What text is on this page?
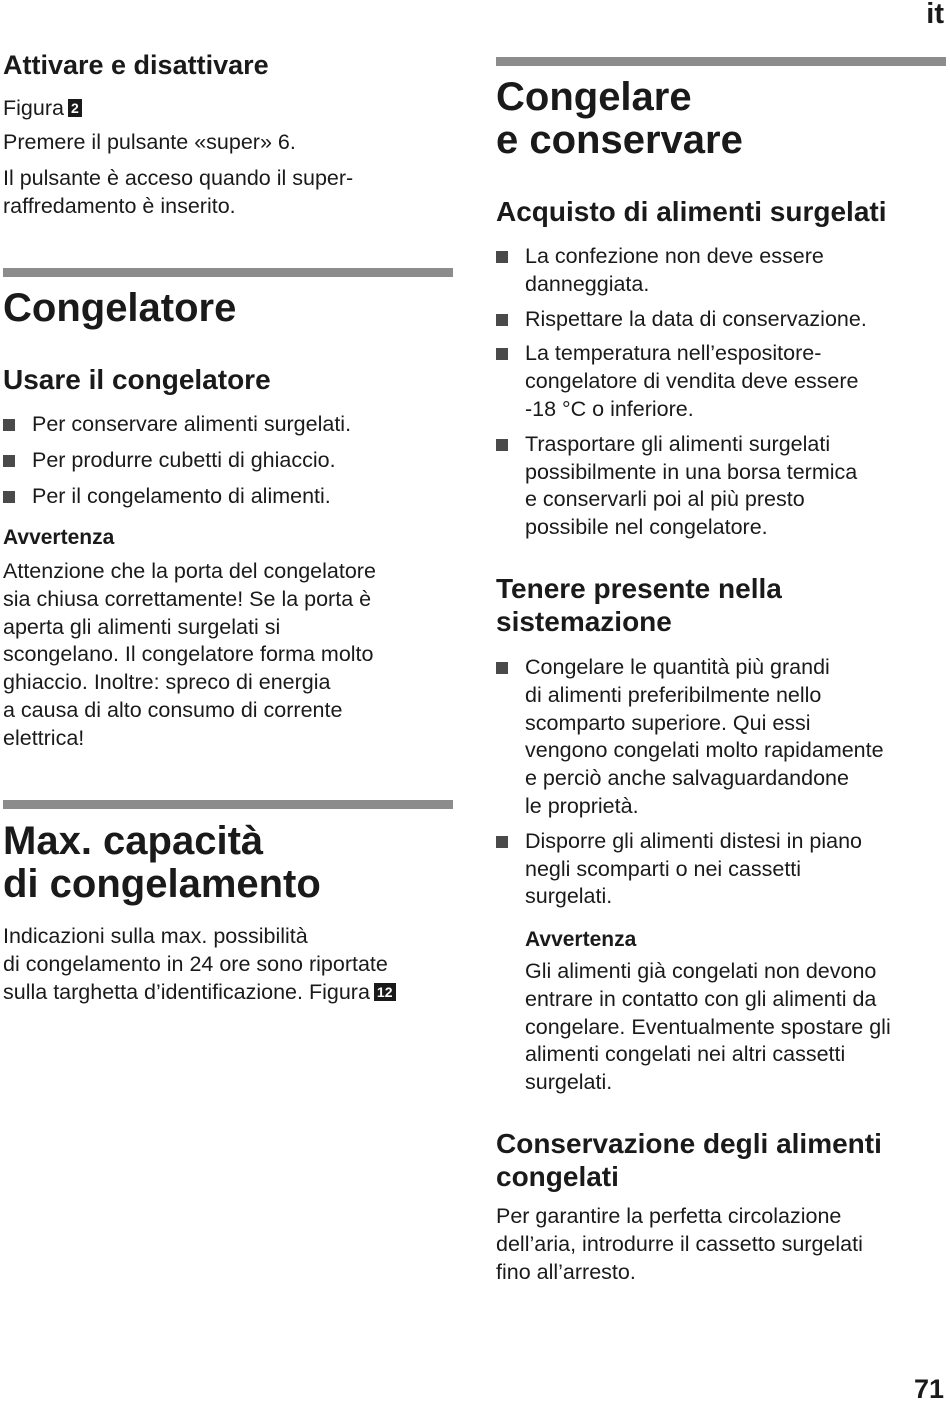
it
Attivare e disattivare

Figura 2

Premere il pulsante «super» 6.

Il pulsante è acceso quando il super-

raffredamento è inserito.

Congelatore
Usare il congelatore
Per conservare alimenti surgelati.
Per produrre cubetti di ghiaccio.
Per il congelamento di alimenti.
Avvertenza
Attenzione che la porta del congelatore
sia chiusa correttamente! Se la porta è
aperta gli alimenti surgelati si
scongelano. Il congelatore forma molto
ghiaccio. Inoltre: spreco di energia
a causa di alto consumo di corrente
elettrica!
Max. capacità
di congelamento
Indicazioni sulla max. possibilità
di congelamento in 24 ore sono riportate
sulla targhetta d’identificazione. Figura 12
Congelare
e conservare
Acquisto di alimenti surgelati
La confezione non deve essere
danneggiata.
Rispettare la data di conservazione.
La temperatura nell’espositore-
congelatore di vendita deve essere
-18 °C o inferiore.
Trasportare gli alimenti surgelati
possibilmente in una borsa termica
e conservarli poi al più presto
possibile nel congelatore.
Tenere presente nella
sistemazione
Congelare le quantità più grandi
di alimenti preferibilmente nello
scomparto superiore. Qui essi
vengono congelati molto rapidamente
e perciò anche salvaguardandone
le proprietà.
Disporre gli alimenti distesi in piano
negli scomparti o nei cassetti
surgelati.
Avvertenza
Gli alimenti già congelati non devono
entrare in contatto con gli alimenti da
congelare. Eventualmente spostare gli
alimenti congelati nei altri cassetti
surgelati.
Conservazione degli alimenti
congelati
Per garantire la perfetta circolazione
dell’aria, introdurre il cassetto surgelati
fino all’arresto.
71
